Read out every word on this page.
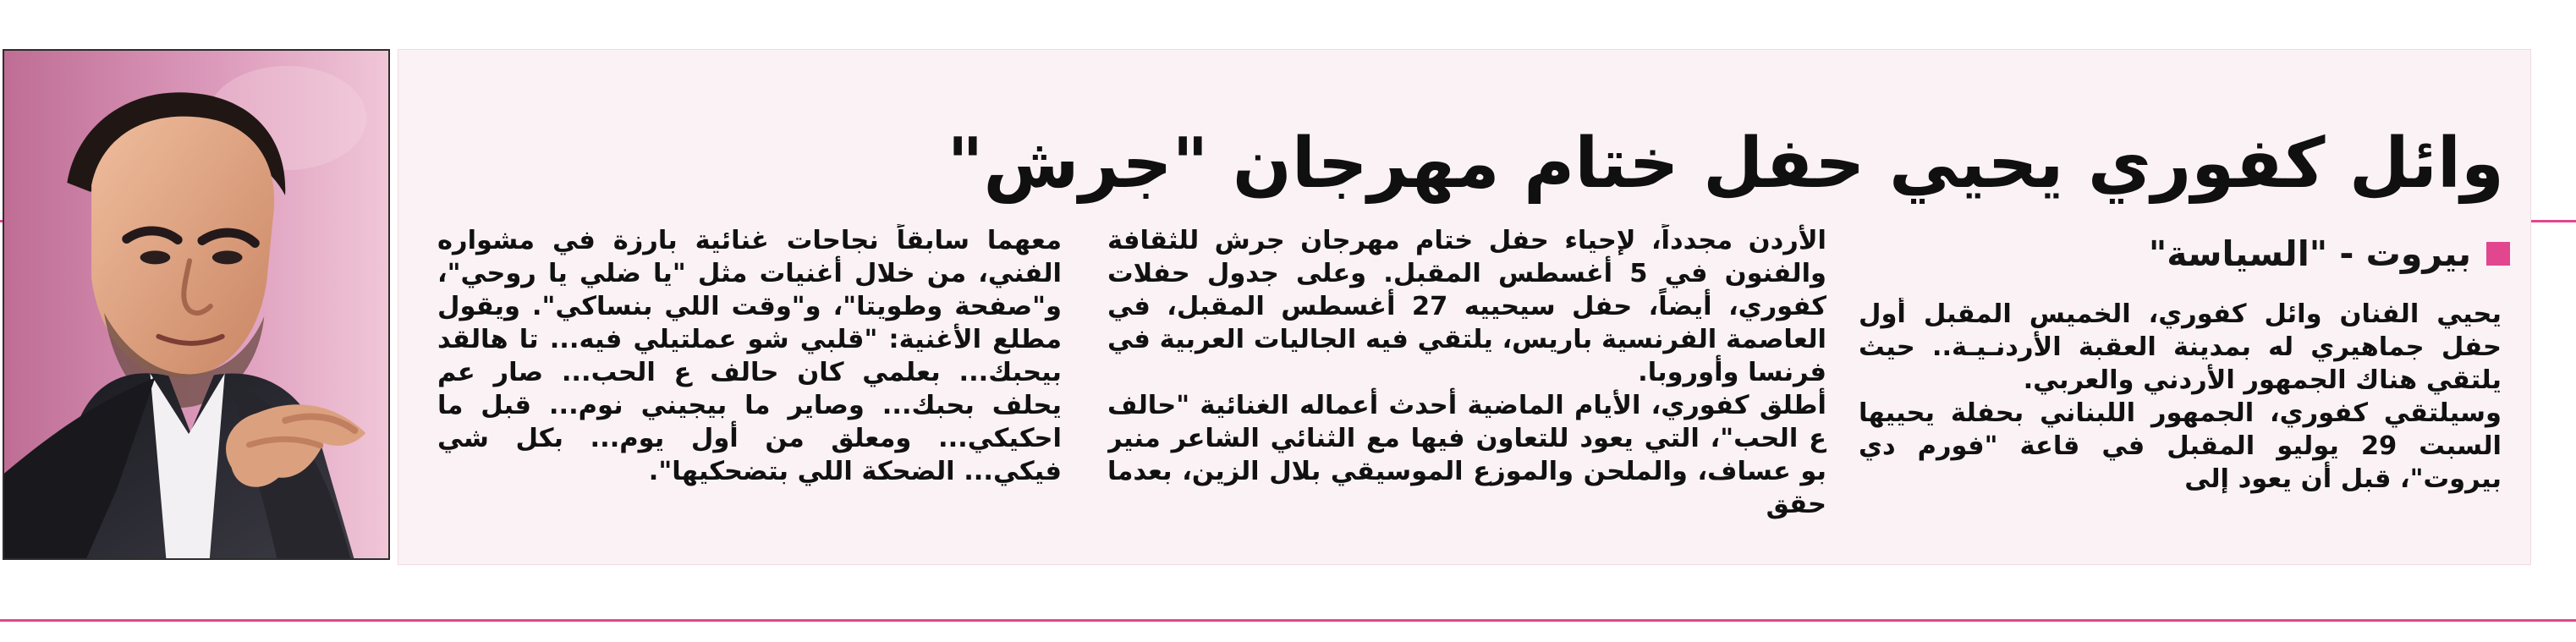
وائل كفوري يحيي حفل ختام مهرجان "جرش"
بيروت - "السياسة"

يحيي الفنان وائل كفوري، الخميس المقبل أول حفل جماهيري له بمدينة العقبة الأردنـيـة.. حيث يلتقي هناك الجمهور الأردني والعربي.

وسيلتقي كفوري، الجمهور اللبناني بحفلة يحييها السبت 29 يوليو المقبل في قاعة "فورم دي بيروت"، قبل أن يعود إلى

الأردن مجدداً، لإحياء حفل ختام مهرجان جرش للثقافة والفنون في 5 أغسطس المقبل. وعلى جدول حفلات كفوري، أيضاً، حفل سيحييه 27 أغسطس المقبل، في العاصمة الفرنسية باريس، يلتقي فيه الجاليات العربية في فرنسا وأوروبا.

أطلق كفوري، الأيام الماضية أحدث أعماله الغنائية "حالف ع الحب"، التي يعود للتعاون فيها مع الثنائي الشاعر منير بو عساف، والملحن والموزع الموسيقي بلال الزين، بعدما حقق

معهما سابقاً نجاحات غنائية بارزة في مشواره الفني، من خلال أغنيات مثل "يا ضلي يا روحي"، و"صفحة وطويتا"، و"وقت اللي بنساكي". ويقول مطلع الأغنية: "قلبي شو عملتيلي فيه... تا هالقد بيحبك... بعلمي كان حالف ع الحب... صار عم يحلف بحبك... وصاير ما بيجيني نوم... قبل ما احكيكي... ومعلق من أول يوم... بكل شي فيكي... الضحكة اللي بتضحكيها".
